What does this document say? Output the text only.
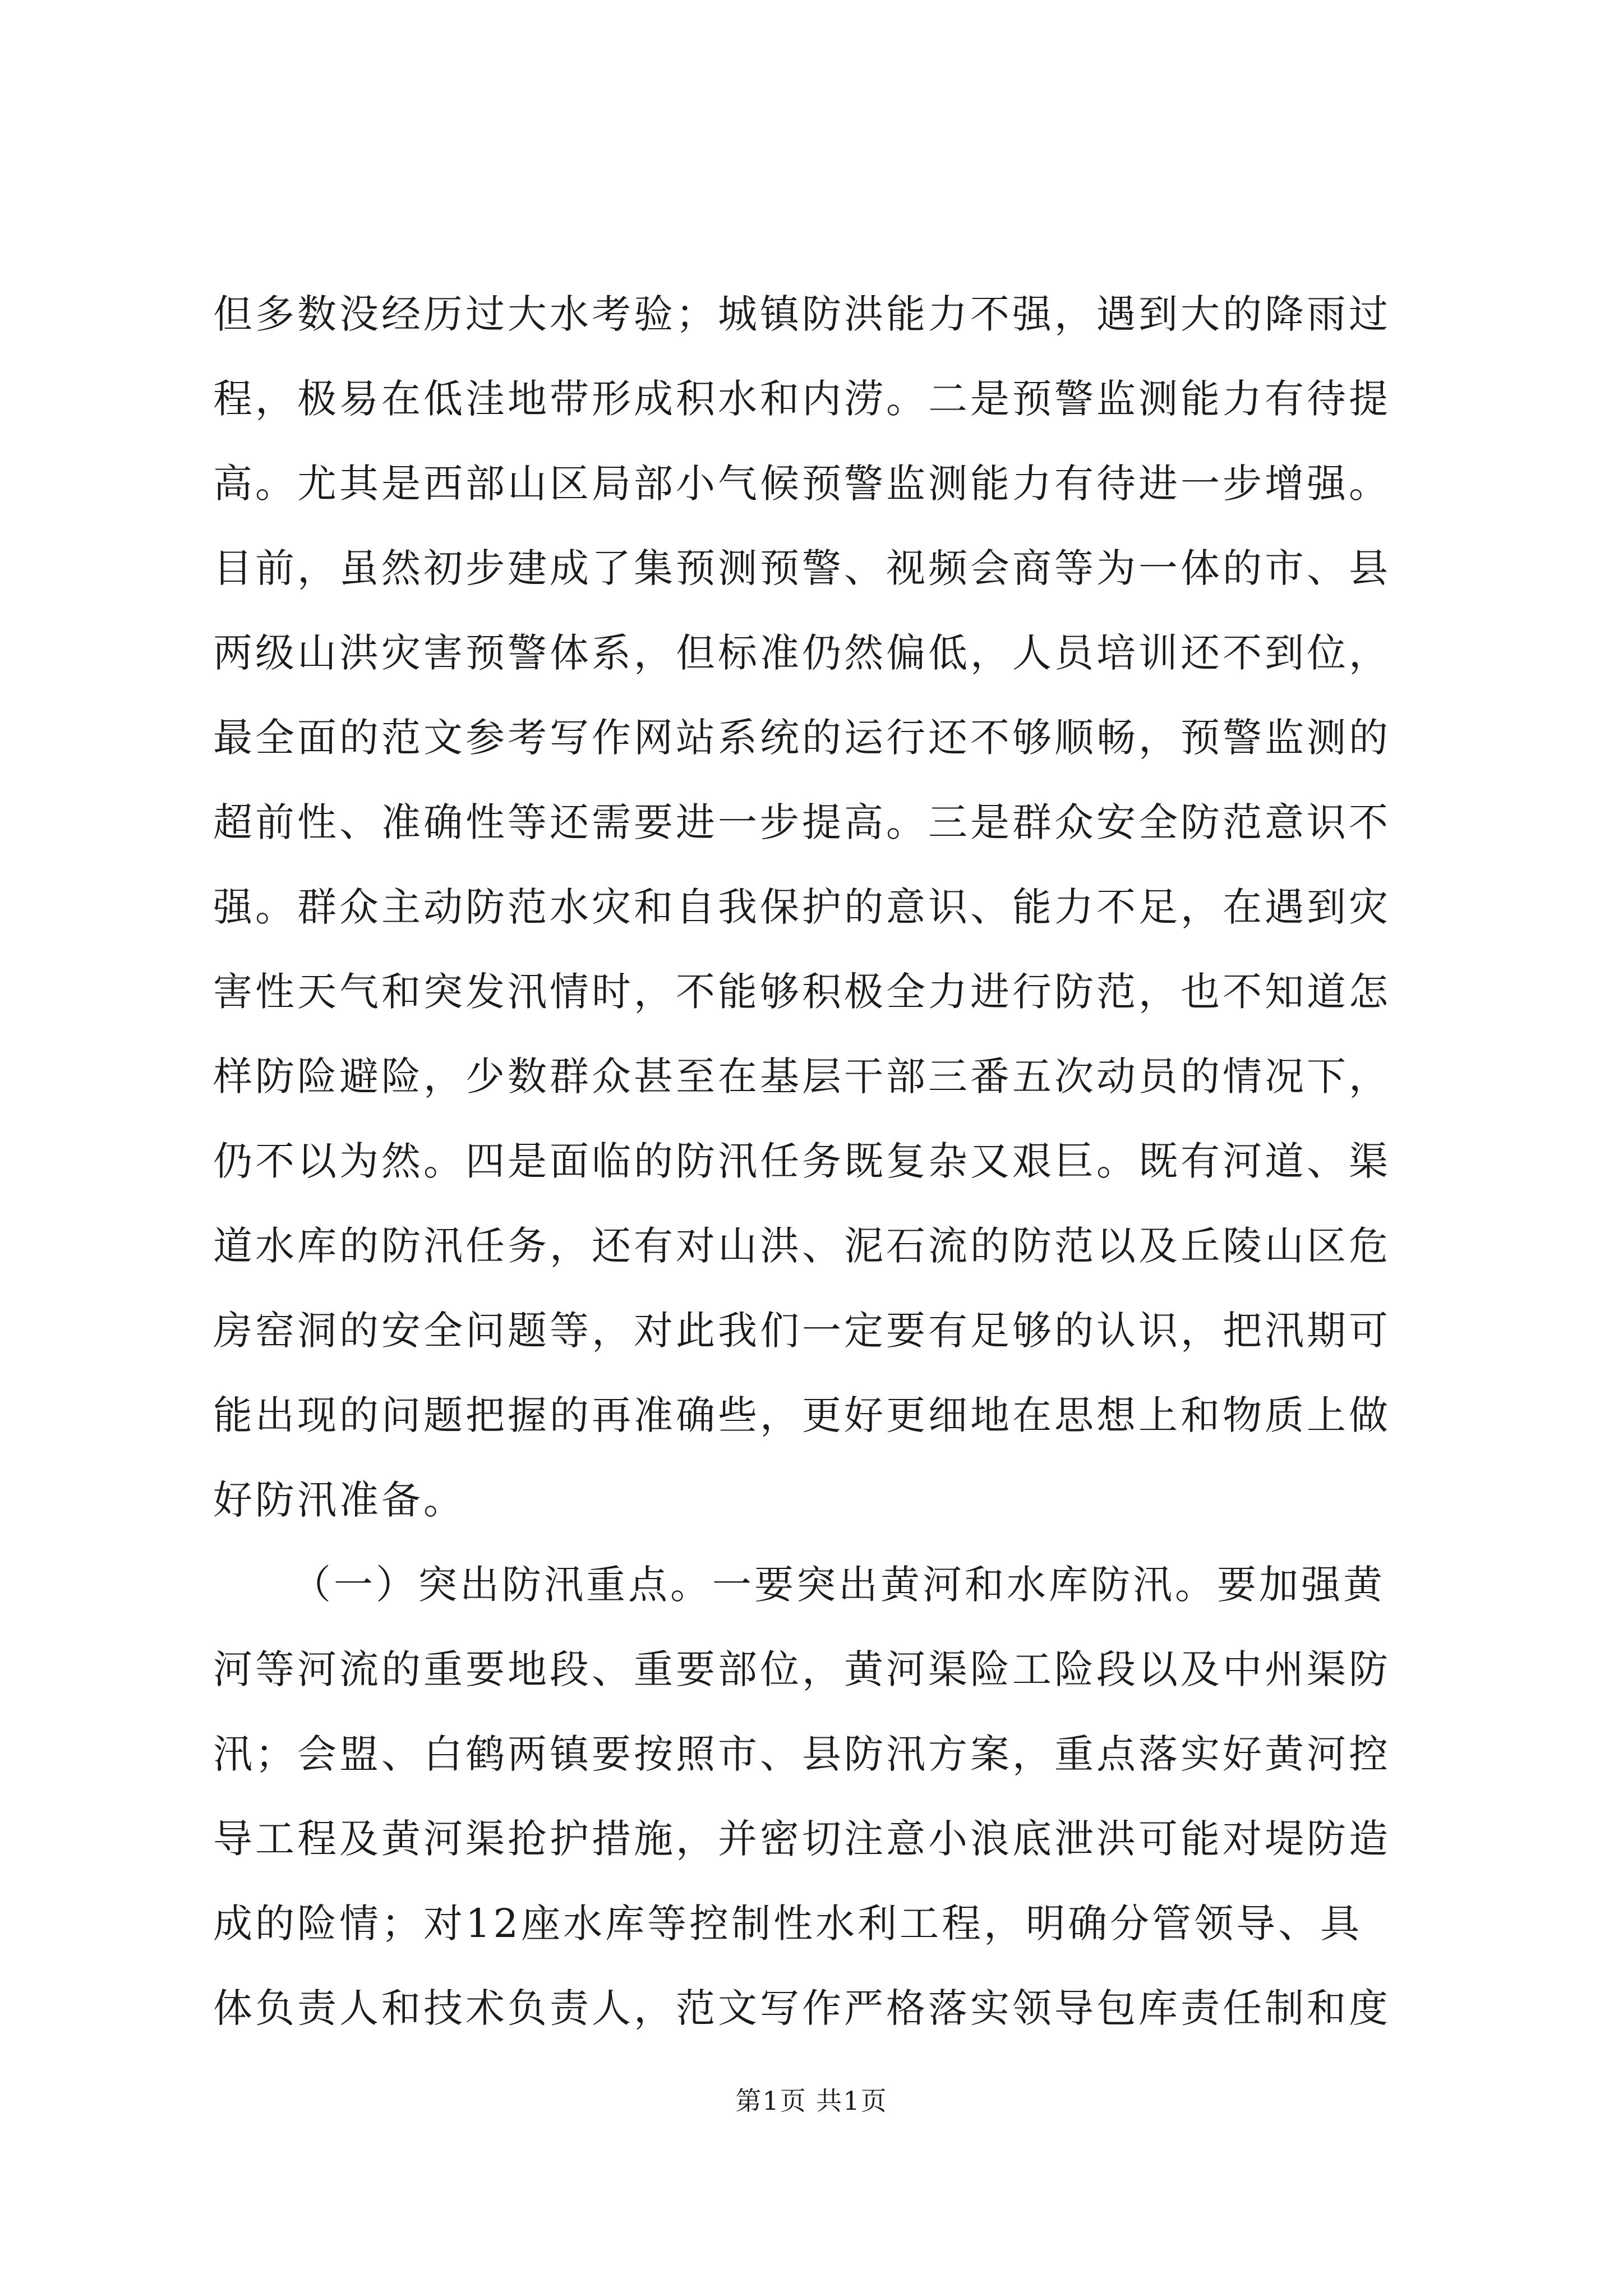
但多数没经历过大水考验；城镇防洪能力不强，遇到大的降雨过
程，极易在低洼地带形成积水和内涝。二是预警监测能力有待提
高。尤其是西部山区局部小气候预警监测能力有待进一步增强。
目前，虽然初步建成了集预测预警、视频会商等为一体的市、县
两级山洪灾害预警体系，但标准仍然偏低，人员培训还不到位，
最全面的范文参考写作网站系统的运行还不够顺畅，预警监测的
超前性、准确性等还需要进一步提高。三是群众安全防范意识不
强。群众主动防范水灾和自我保护的意识、能力不足，在遇到灾
害性天气和突发汛情时，不能够积极全力进行防范，也不知道怎
样防险避险，少数群众甚至在基层干部三番五次动员的情况下，
仍不以为然。四是面临的防汛任务既复杂又艰巨。既有河道、渠
道水库的防汛任务，还有对山洪、泥石流的防范以及丘陵山区危
房窑洞的安全问题等，对此我们一定要有足够的认识，把汛期可
能出现的问题把握的再准确些，更好更细地在思想上和物质上做
好防汛准备。
（一）突出防汛重点。一要突出黄河和水库防汛。要加强黄
河等河流的重要地段、重要部位，黄河渠险工险段以及中州渠防
汛；会盟、白鹤两镇要按照市、县防汛方案，重点落实好黄河控
导工程及黄河渠抢护措施，并密切注意小浪底泄洪可能对堤防造
成的险情；对12座水库等控制性水利工程，明确分管领导、具
体负责人和技术负责人，范文写作严格落实领导包库责任制和度
第1页 共1页
